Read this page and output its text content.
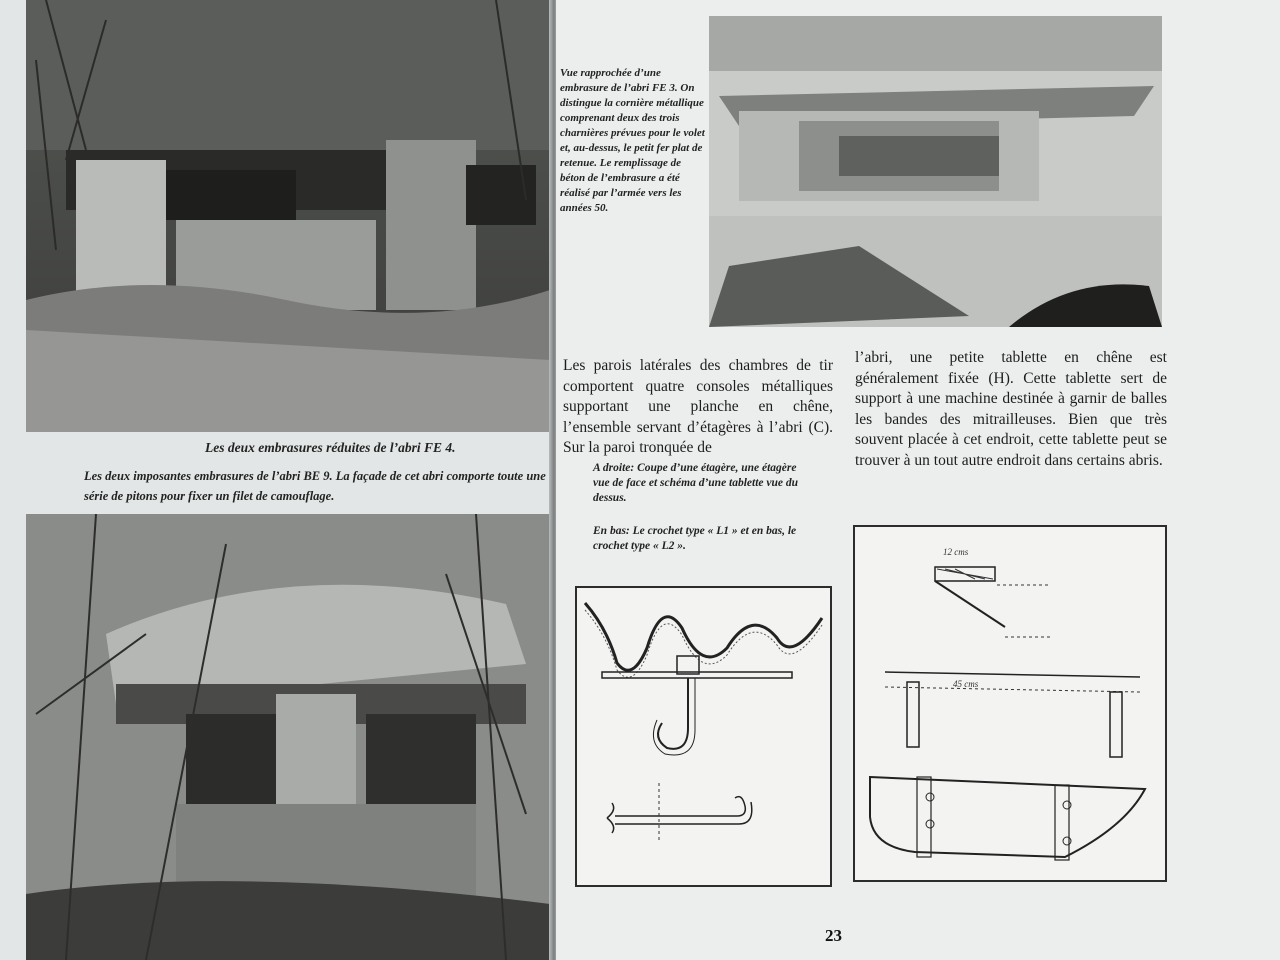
Les deux embrasures réduites de l’abri FE 4.
Les deux imposantes embrasures de l’abri BE 9. La façade de cet abri comporte toute une série de pitons pour fixer un filet de camouflage.
Vue rapprochée d’une embrasure de l’abri FE 3. On distingue la cornière métallique comprenant deux des trois charnières prévues pour le volet et, au-dessus, le petit fer plat de retenue. Le remplissage de béton de l’embrasure a été réalisé par l’armée vers les années 50.
Les parois latérales des chambres de tir comportent quatre consoles métalliques supportant une planche en chêne, l’ensemble servant d’étagères à l’abri (C). Sur la paroi tronquée de
l’abri, une petite tablette en chêne est généralement fixée (H). Cette tablette sert de support à une machine destinée à garnir de balles les bandes des mitrailleuses. Bien que très souvent placée à cet endroit, cette tablette peut se trouver à un tout autre endroit dans certains abris.
A droite: Coupe d’une étagère, une étagère vue de face et schéma d’une tablette vue du dessus.
En bas: Le crochet type « L1 » et en bas, le crochet type « L2 ».	12 cms
45 cms
23
